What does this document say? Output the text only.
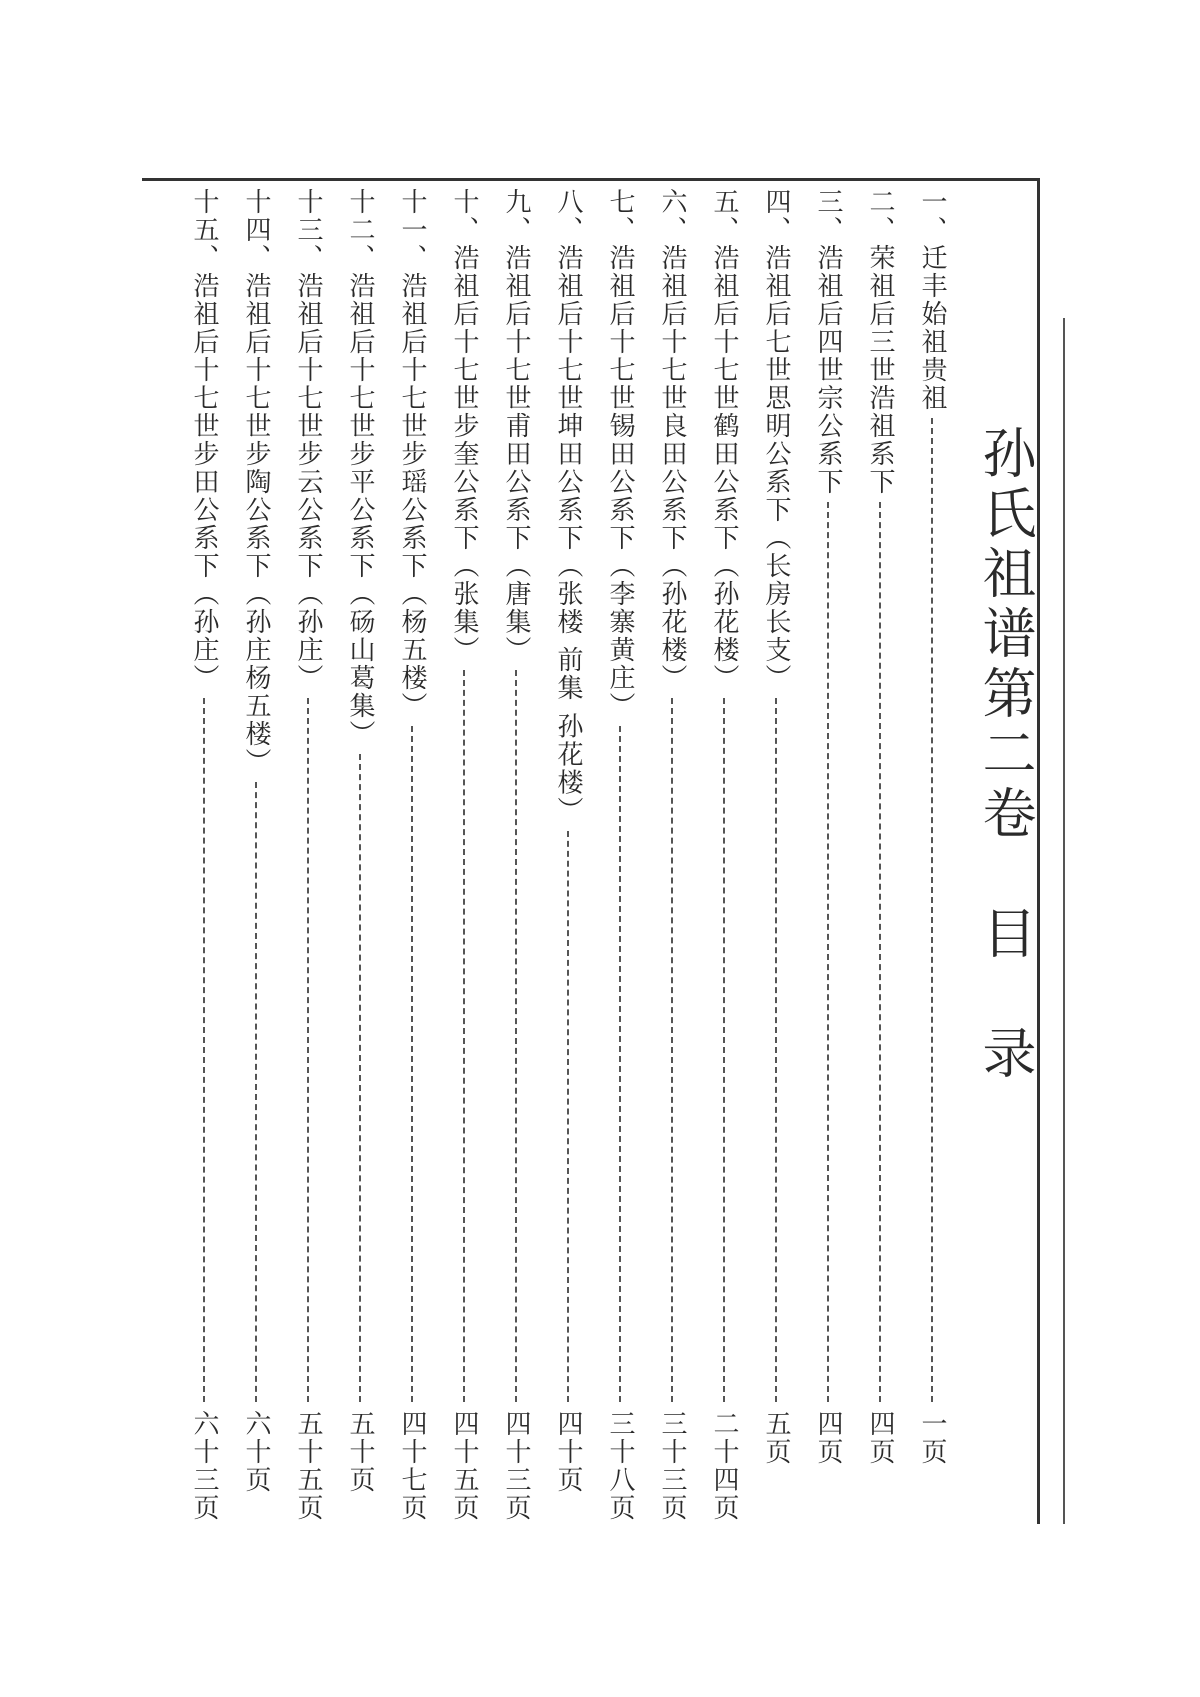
孙氏祖谱第二卷　目　录
一、迁丰始祖贵祖
一页
二、荣祖后三世浩祖系下
四页
三、浩祖后四世宗公系下
四页
四、浩祖后七世思明公系下（长房长支）
五页
五、浩祖后十七世鹤田公系下（孙花楼）
二十四页
六、浩祖后十七世良田公系下（孙花楼）
三十三页
七、浩祖后十七世锡田公系下（李寨黄庄）
三十八页
八、浩祖后十七世坤田公系下（张楼 前集 孙花楼）
四十页
九、浩祖后十七世甫田公系下（唐集）
四十三页
十、浩祖后十七世步奎公系下（张集）
四十五页
十一、浩祖后十七世步瑶公系下（杨五楼）
四十七页
十二、浩祖后十七世步平公系下（砀山葛集）
五十页
十三、浩祖后十七世步云公系下（孙庄）
五十五页
十四、浩祖后十七世步陶公系下（孙庄杨五楼）
六十页
十五、浩祖后十七世步田公系下（孙庄）
六十三页
